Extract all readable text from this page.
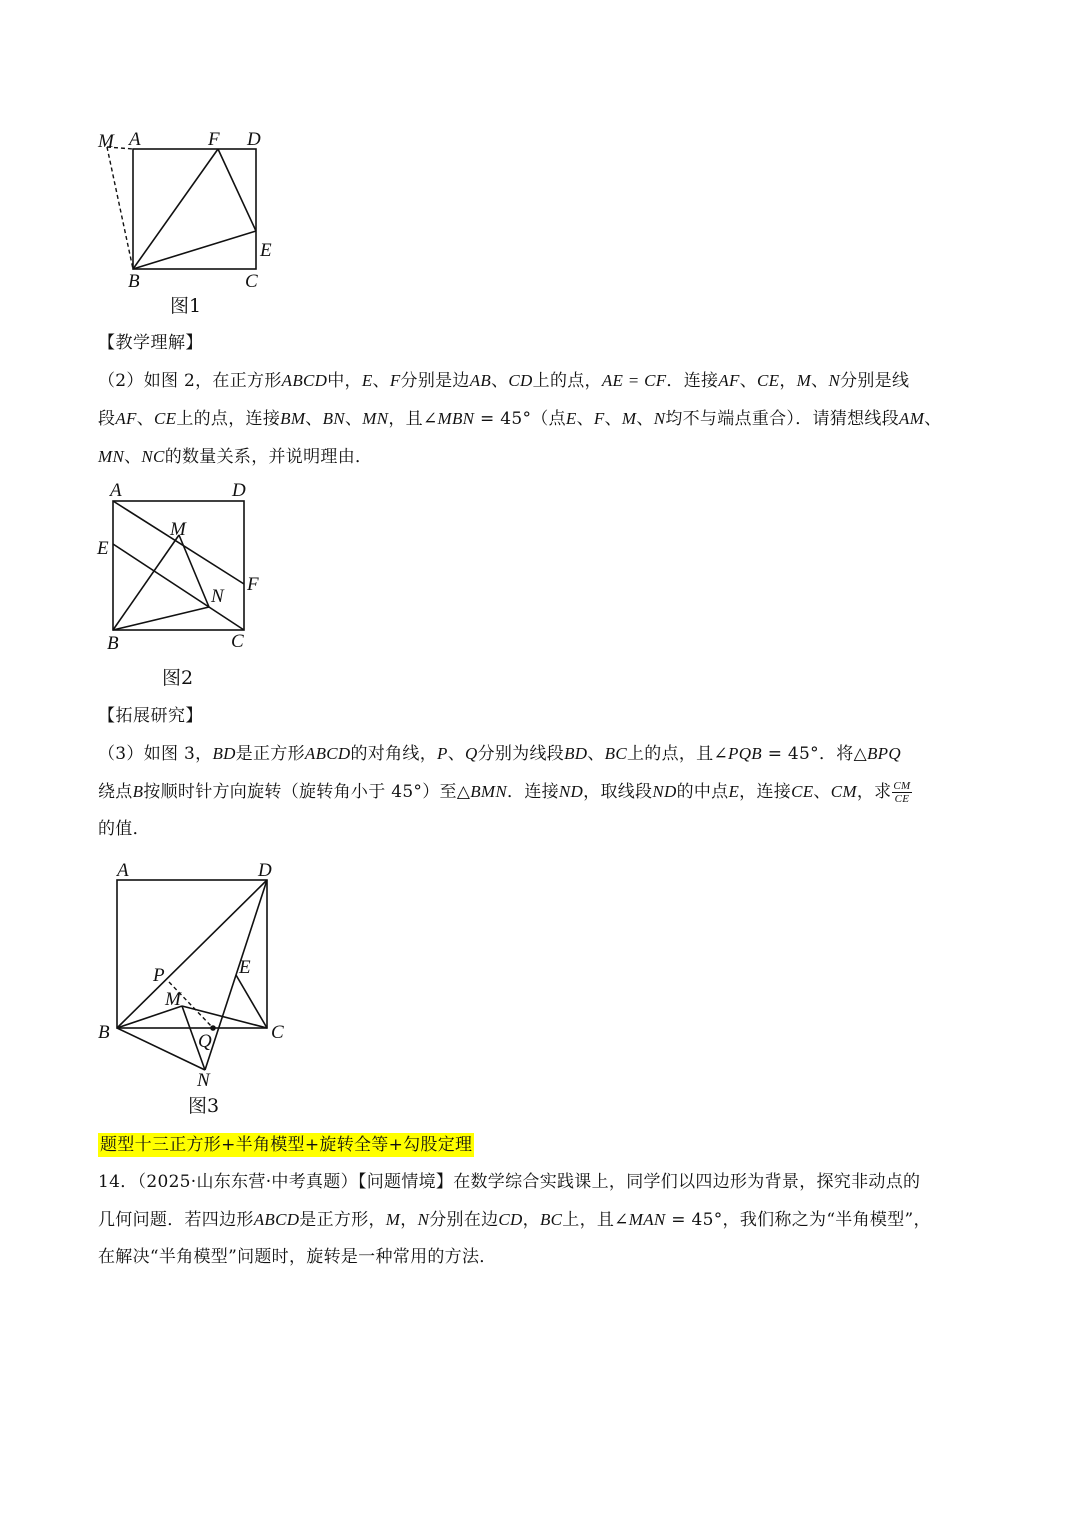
M A	F D
E
B	C
图1
【教学理解】

（2）如图 2，在正方形ABCD中，E、F分别是边AB、CD上的点，AE = CF．连接AF、CE，M、N分别是线

段AF、CE上的点，连接BM、BN、MN，且∠MBN = 45°（点E、F、M、N均不与端点重合）．请猜想线段AM、

MN、NC的数量关系，并说明理由．

A	D
M
E
F
N
B	C
图2
【拓展研究】

（3）如图 3，BD是正方形ABCD的对角线，P、Q分别为线段BD、BC上的点，且∠PQB = 45°．将△BPQ

绕点B按顺时针方向旋转（旋转角小于 45°）至△BMN．连接ND，取线段ND的中点E，连接CE、CM，求 $\frac{CM}{CE}$

的值．

A	D
P	E
M
B	Q	C
N
图3
题型十三正方形+半角模型+旋转全等+勾股定理

14．（2025·山东东营·中考真题）【问题情境】在数学综合实践课上，同学们以四边形为背景，探究非动点的

几何问题．若四边形ABCD是正方形，M，N分别在边CD，BC上，且∠MAN = 45°，我们称之为“半角模型”，

在解决“半角模型”问题时，旋转是一种常用的方法．
